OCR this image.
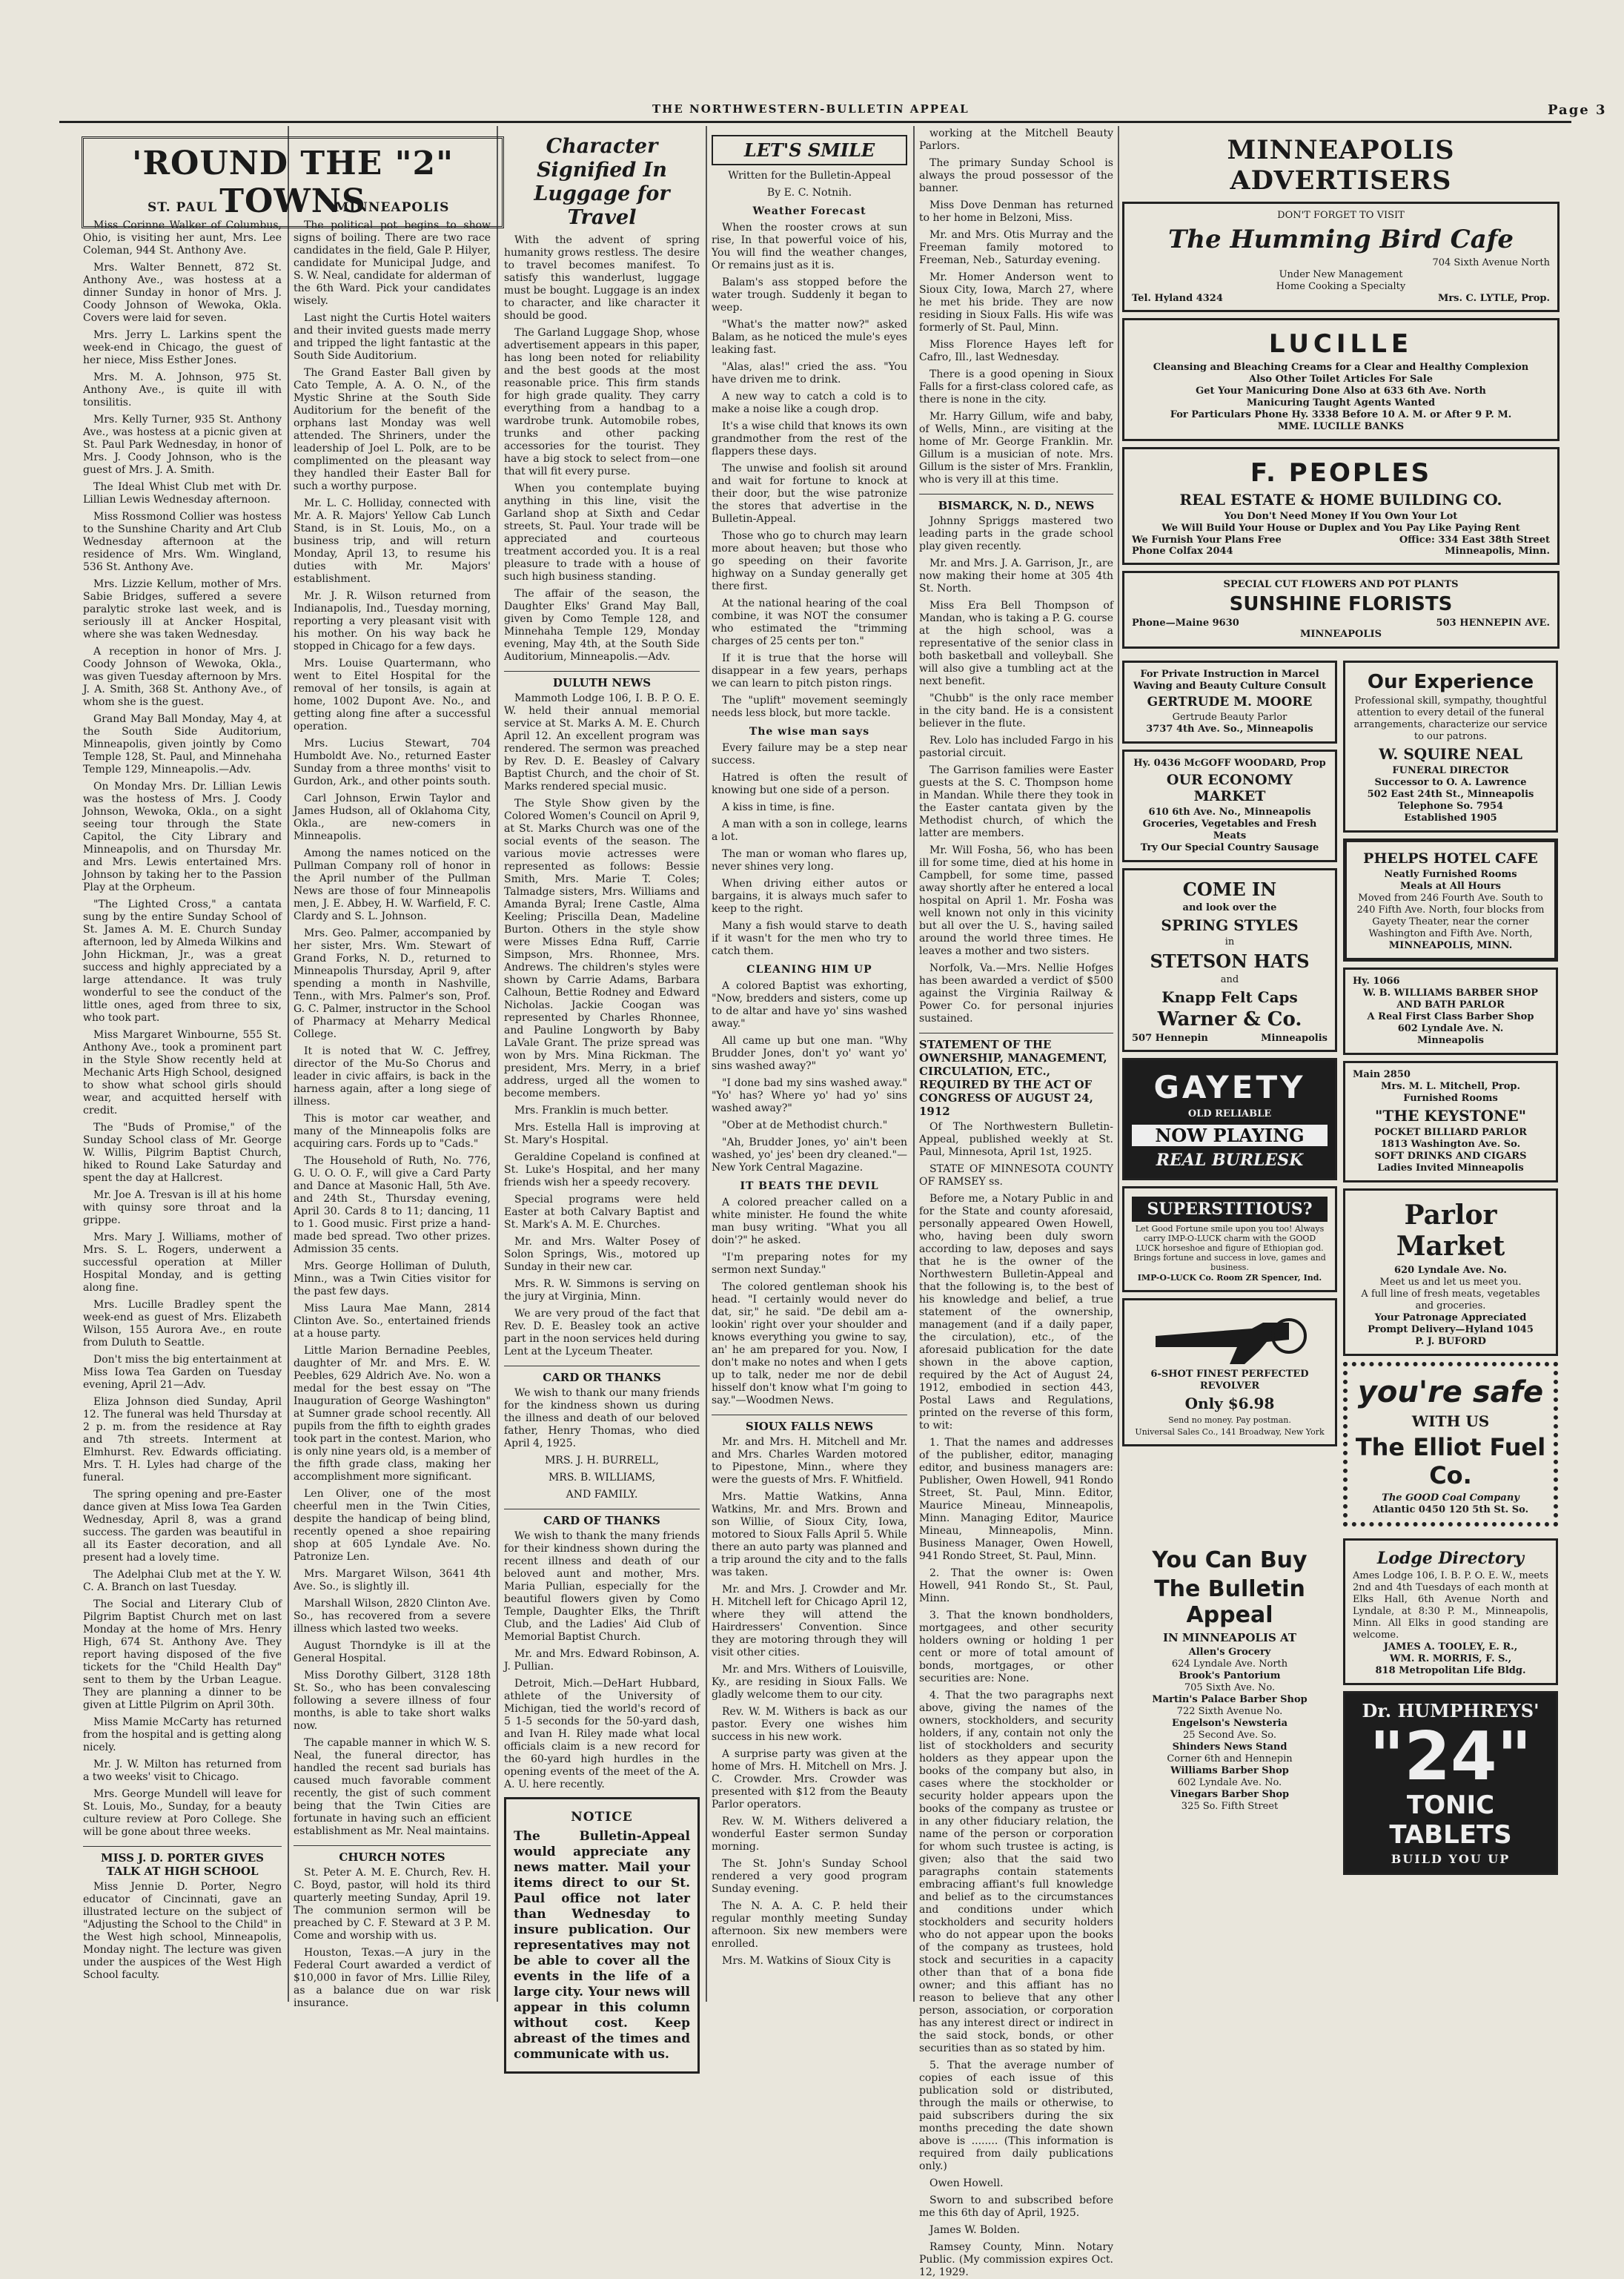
THE NORTHWESTERN-BULLETIN APPEAL	Page 3
'ROUND THE "2" TOWNS
ST. PAUL

Miss Corinne Walker of Columbus, Ohio, is visiting her aunt, Mrs. Lee Coleman, 944 St. Anthony Ave.

Mrs. Walter Bennett, 872 St. Anthony Ave., was hostess at a dinner Sunday in honor of Mrs. J. Coody Johnson of Wewoka, Okla. Covers were laid for seven.

Mrs. Jerry L. Larkins spent the week-end in Chicago, the guest of her niece, Miss Esther Jones.

Mrs. M. A. Johnson, 975 St. Anthony Ave., is quite ill with tonsilitis.

Mrs. Kelly Turner, 935 St. Anthony Ave., was hostess at a picnic given at St. Paul Park Wednesday, in honor of Mrs. J. Coody Johnson, who is the guest of Mrs. J. A. Smith.

The Ideal Whist Club met with Dr. Lillian Lewis Wednesday afternoon.

Miss Rossmond Collier was hostess to the Sunshine Charity and Art Club Wednesday afternoon at the residence of Mrs. Wm. Wingland, 536 St. Anthony Ave.

Mrs. Lizzie Kellum, mother of Mrs. Sabie Bridges, suffered a severe paralytic stroke last week, and is seriously ill at Ancker Hospital, where she was taken Wednesday.

A reception in honor of Mrs. J. Coody Johnson of Wewoka, Okla., was given Tuesday afternoon by Mrs. J. A. Smith, 368 St. Anthony Ave., of whom she is the guest.

Grand May Ball Monday, May 4, at the South Side Auditorium, Minneapolis, given jointly by Como Temple 128, St. Paul, and Minnehaha Temple 129, Minneapolis.—Adv.

On Monday Mrs. Dr. Lillian Lewis was the hostess of Mrs. J. Coody Johnson, Wewoka, Okla., on a sight seeing tour through the State Capitol, the City Library and Minneapolis, and on Thursday Mr. and Mrs. Lewis entertained Mrs. Johnson by taking her to the Passion Play at the Orpheum.

"The Lighted Cross," a cantata sung by the entire Sunday School of St. James A. M. E. Church Sunday afternoon, led by Almeda Wilkins and John Hickman, Jr., was a great success and highly appreciated by a large attendance. It was truly wonderful to see the conduct of the little ones, aged from three to six, who took part.

Miss Margaret Winbourne, 555 St. Anthony Ave., took a prominent part in the Style Show recently held at Mechanic Arts High School, designed to show what school girls should wear, and acquitted herself with credit.

The "Buds of Promise," of the Sunday School class of Mr. George W. Willis, Pilgrim Baptist Church, hiked to Round Lake Saturday and spent the day at Hallcrest.

Mr. Joe A. Tresvan is ill at his home with quinsy sore throat and la grippe.

Mrs. Mary J. Williams, mother of Mrs. S. L. Rogers, underwent a successful operation at Miller Hospital Monday, and is getting along fine.

Mrs. Lucille Bradley spent the week-end as guest of Mrs. Elizabeth Wilson, 155 Aurora Ave., en route from Duluth to Seattle.

Don't miss the big entertainment at Miss Iowa Tea Garden on Tuesday evening, April 21—Adv.

Eliza Johnson died Sunday, April 12. The funeral was held Thursday at 2 p. m. from the residence at Ray and 7th streets. Interment at Elmhurst. Rev. Edwards officiating. Mrs. T. H. Lyles had charge of the funeral.

The spring opening and pre-Easter dance given at Miss Iowa Tea Garden Wednesday, April 8, was a grand success. The garden was beautiful in all its Easter decoration, and all present had a lovely time.

The Adelphai Club met at the Y. W. C. A. Branch on last Tuesday.

The Social and Literary Club of Pilgrim Baptist Church met on last Monday at the home of Mrs. Henry High, 674 St. Anthony Ave. They report having disposed of the five tickets for the "Child Health Day" sent to them by the Urban League. They are planning a dinner to be given at Little Pilgrim on April 30th.

Miss Mamie McCarty has returned from the hospital and is getting along nicely.

Mr. J. W. Milton has returned from a two weeks' visit to Chicago.

Mrs. George Mundell will leave for St. Louis, Mo., Sunday, for a beauty culture review at Poro College. She will be gone about three weeks.

MISS J. D. PORTER GIVES TALK AT HIGH SCHOOL

Miss Jennie D. Porter, Negro educator of Cincinnati, gave an illustrated lecture on the subject of "Adjusting the School to the Child" in the West high school, Minneapolis, Monday night. The lecture was given under the auspices of the West High School faculty.

MINNEAPOLIS

The political pot begins to show signs of boiling. There are two race candidates in the field, Gale P. Hilyer, candidate for Municipal Judge, and S. W. Neal, candidate for alderman of the 6th Ward. Pick your candidates wisely.

Last night the Curtis Hotel waiters and their invited guests made merry and tripped the light fantastic at the South Side Auditorium.

The Grand Easter Ball given by Cato Temple, A. A. O. N., of the Mystic Shrine at the South Side Auditorium for the benefit of the orphans last Monday was well attended. The Shriners, under the leadership of Joel L. Polk, are to be complimented on the pleasant way they handled their Easter Ball for such a worthy purpose.

Mr. L. C. Holliday, connected with Mr. A. R. Majors' Yellow Cab Lunch Stand, is in St. Louis, Mo., on a business trip, and will return Monday, April 13, to resume his duties with Mr. Majors' establishment.

Mr. J. R. Wilson returned from Indianapolis, Ind., Tuesday morning, reporting a very pleasant visit with his mother. On his way back he stopped in Chicago for a few days.

Mrs. Louise Quartermann, who went to Eitel Hospital for the removal of her tonsils, is again at home, 1002 Dupont Ave. No., and getting along fine after a successful operation.

Mrs. Lucius Stewart, 704 Humboldt Ave. No., returned Easter Sunday from a three months' visit to Gurdon, Ark., and other points south.

Carl Johnson, Erwin Taylor and James Hudson, all of Oklahoma City, Okla., are new-comers in Minneapolis.

Among the names noticed on the Pullman Company roll of honor in the April number of the Pullman News are those of four Minneapolis men, J. E. Abbey, H. W. Warfield, F. C. Clardy and S. L. Johnson.

Mrs. Geo. Palmer, accompanied by her sister, Mrs. Wm. Stewart of Grand Forks, N. D., returned to Minneapolis Thursday, April 9, after spending a month in Nashville, Tenn., with Mrs. Palmer's son, Prof. G. C. Palmer, instructor in the School of Pharmacy at Meharry Medical College.

It is noted that W. C. Jeffrey, director of the Mu-So Chorus and leader in civic affairs, is back in the harness again, after a long siege of illness.

This is motor car weather, and many of the Minneapolis folks are acquiring cars. Fords up to "Cads."

The Household of Ruth, No. 776, G. U. O. O. F., will give a Card Party and Dance at Masonic Hall, 5th Ave. and 24th St., Thursday evening, April 30. Cards 8 to 11; dancing, 11 to 1. Good music. First prize a hand-made bed spread. Two other prizes. Admission 35 cents.

Mrs. George Holliman of Duluth, Minn., was a Twin Cities visitor for the past few days.

Miss Laura Mae Mann, 2814 Clinton Ave. So., entertained friends at a house party.

Little Marion Bernadine Peebles, daughter of Mr. and Mrs. E. W. Peebles, 629 Aldrich Ave. No. won a medal for the best essay on "The Inauguration of George Washington" at Sumner grade school recently. All pupils from the fifth to eighth grades took part in the contest. Marion, who is only nine years old, is a member of the fifth grade class, making her accomplishment more significant.

Len Oliver, one of the most cheerful men in the Twin Cities, despite the handicap of being blind, recently opened a shoe repairing shop at 605 Lyndale Ave. No. Patronize Len.

Mrs. Margaret Wilson, 3641 4th Ave. So., is slightly ill.

Marshall Wilson, 2820 Clinton Ave. So., has recovered from a severe illness which lasted two weeks.

August Thorndyke is ill at the General Hospital.

Miss Dorothy Gilbert, 3128 18th St. So., who has been convalescing following a severe illness of four months, is able to take short walks now.

The capable manner in which W. S. Neal, the funeral director, has handled the recent sad burials has caused much favorable comment recently, the gist of such comment being that the Twin Cities are fortunate in having such an efficient establishment as Mr. Neal maintains.

CHURCH NOTES

St. Peter A. M. E. Church, Rev. H. C. Boyd, pastor, will hold its third quarterly meeting Sunday, April 19. The communion sermon will be preached by C. F. Steward at 3 P. M. Come and worship with us.

Houston, Texas.—A jury in the Federal Court awarded a verdict of $10,000 in favor of Mrs. Lillie Riley, as a balance due on war risk insurance.

Character Signified In Luggage for Travel

With the advent of spring humanity grows restless. The desire to travel becomes manifest. To satisfy this wanderlust, luggage must be bought. Luggage is an index to character, and like character it should be good.

The Garland Luggage Shop, whose advertisement appears in this paper, has long been noted for reliability and the best goods at the most reasonable price. This firm stands for high grade quality. They carry everything from a handbag to a wardrobe trunk. Automobile robes, trunks and other packing accessories for the tourist. They have a big stock to select from—one that will fit every purse.

When you contemplate buying anything in this line, visit the Garland shop at Sixth and Cedar streets, St. Paul. Your trade will be appreciated and courteous treatment accorded you. It is a real pleasure to trade with a house of such high business standing.

The affair of the season, the Daughter Elks' Grand May Ball, given by Como Temple 128, and Minnehaha Temple 129, Monday evening, May 4th, at the South Side Auditorium, Minneapolis.—Adv.

DULUTH NEWS

Mammoth Lodge 106, I. B. P. O. E. W. held their annual memorial service at St. Marks A. M. E. Church April 12. An excellent program was rendered. The sermon was preached by Rev. D. E. Beasley of Calvary Baptist Church, and the choir of St. Marks rendered special music.

The Style Show given by the Colored Women's Council on April 9, at St. Marks Church was one of the social events of the season. The various movie actresses were represented as follows: Bessie Smith, Mrs. Marie T. Coles; Talmadge sisters, Mrs. Williams and Amanda Byral; Irene Castle, Alma Keeling; Priscilla Dean, Madeline Burton. Others in the style show were Misses Edna Ruff, Carrie Simpson, Mrs. Rhonnee, Mrs. Andrews. The children's styles were shown by Carrie Adams, Barbara Calhoun, Bettie Rodney and Edward Nicholas. Jackie Coogan was represented by Charles Rhonnee, and Pauline Longworth by Baby LaVale Grant. The prize spread was won by Mrs. Mina Rickman. The president, Mrs. Merry, in a brief address, urged all the women to become members.

Mrs. Franklin is much better.

Mrs. Estella Hall is improving at St. Mary's Hospital.

Geraldine Copeland is confined at St. Luke's Hospital, and her many friends wish her a speedy recovery.

Special programs were held Easter at both Calvary Baptist and St. Mark's A. M. E. Churches.

Mr. and Mrs. Walter Posey of Solon Springs, Wis., motored up Sunday in their new car.

Mrs. R. W. Simmons is serving on the jury at Virginia, Minn.

We are very proud of the fact that Rev. D. E. Beasley took an active part in the noon services held during Lent at the Lyceum Theater.

CARD OR THANKS

We wish to thank our many friends for the kindness shown us during the illness and death of our beloved father, Henry Thomas, who died April 4, 1925.

MRS. J. H. BURRELL,

MRS. B. WILLIAMS,

AND FAMILY.

CARD OF THANKS

We wish to thank the many friends for their kindness shown during the recent illness and death of our beloved aunt and mother, Mrs. Maria Pullian, especially for the beautiful flowers given by Como Temple, Daughter Elks, the Thrift Club, and the Ladies' Aid Club of Memorial Baptist Church.

Mr. and Mrs. Edward Robinson, A. J. Pullian.

Detroit, Mich.—DeHart Hubbard, athlete of the University of Michigan, tied the world's record of 5 1-5 seconds for the 50-yard dash, and Ivan H. Riley made what local officials claim is a new record for the 60-yard high hurdles in the opening events of the meet of the A. A. U. here recently.

NOTICE

The Bulletin-Appeal would appreciate any news matter. Mail your items direct to our St. Paul office not later than Wednesday to insure publication. Our representatives may not be able to cover all the events in the life of a large city. Your news will appear in this column without cost. Keep abreast of the times and communicate with us.

LET'S SMILE

Written for the Bulletin-Appeal

By E. C. Notnih.

Weather Forecast

When the rooster crows at sun rise, In that powerful voice of his, You will find the weather changes, Or remains just as it is.

Balam's ass stopped before the water trough. Suddenly it began to weep.

"What's the matter now?" asked Balam, as he noticed the mule's eyes leaking fast.

"Alas, alas!" cried the ass. "You have driven me to drink.

A new way to catch a cold is to make a noise like a cough drop.

It's a wise child that knows its own grandmother from the rest of the flappers these days.

The unwise and foolish sit around and wait for fortune to knock at their door, but the wise patronize the stores that advertise in the Bulletin-Appeal.

Those who go to church may learn more about heaven; but those who go speeding on their favorite highway on a Sunday generally get there first.

At the national hearing of the coal combine, it was NOT the consumer who estimated the "trimming charges of 25 cents per ton."

If it is true that the horse will disappear in a few years, perhaps we can learn to pitch piston rings.

The "uplift" movement seemingly needs less block, but more tackle.

The wise man says

Every failure may be a step near success.

Hatred is often the result of knowing but one side of a person.

A kiss in time, is fine.

A man with a son in college, learns a lot.

The man or woman who flares up, never shines very long.

When driving either autos or bargains, it is always much safer to keep to the right.

Many a fish would starve to death if it wasn't for the men who try to catch them.

CLEANING HIM UP

A colored Baptist was exhorting, "Now, bredders and sisters, come up to de altar and have yo' sins washed away."

All came up but one man. "Why Brudder Jones, don't yo' want yo' sins washed away?"

"I done bad my sins washed away." "Yo' has? Where yo' had yo' sins washed away?"

"Ober at de Methodist church."

"Ah, Brudder Jones, yo' ain't been washed, yo' jes' been dry cleaned."—New York Central Magazine.

IT BEATS THE DEVIL

A colored preacher called on a white minister. He found the white man busy writing. "What you all doin'?" he asked.

"I'm preparing notes for my sermon next Sunday."

The colored gentleman shook his head. "I certainly would never do dat, sir," he said. "De debil am a-lookin' right over your shoulder and knows everything you gwine to say, an' he am prepared for you. Now, I don't make no notes and when I gets up to talk, neder me nor de debil hisself don't know what I'm going to say."—Woodmen News.

SIOUX FALLS NEWS

Mr. and Mrs. H. Mitchell and Mr. and Mrs. Charles Warden motored to Pipestone, Minn., where they were the guests of Mrs. F. Whitfield.

Mrs. Mattie Watkins, Anna Watkins, Mr. and Mrs. Brown and son Willie, of Sioux City, Iowa, motored to Sioux Falls April 5. While there an auto party was planned and a trip around the city and to the falls was taken.

Mr. and Mrs. J. Crowder and Mr. H. Mitchell left for Chicago April 12, where they will attend the Hairdressers' Convention. Since they are motoring through they will visit other cities.

Mr. and Mrs. Withers of Louisville, Ky., are residing in Sioux Falls. We gladly welcome them to our city.

Rev. W. M. Withers is back as our pastor. Every one wishes him success in his new work.

A surprise party was given at the home of Mrs. H. Mitchell on Mrs. J. C. Crowder. Mrs. Crowder was presented with $12 from the Beauty Parlor operators.

Rev. W. M. Withers delivered a wonderful Easter sermon Sunday morning.

The St. John's Sunday School rendered a very good program Sunday evening.

The N. A. A. C. P. held their regular monthly meeting Sunday afternoon. Six new members were enrolled.

Mrs. M. Watkins of Sioux City is

working at the Mitchell Beauty Parlors.

The primary Sunday School is always the proud possessor of the banner.

Miss Dove Denman has returned to her home in Belzoni, Miss.

Mr. and Mrs. Otis Murray and the Freeman family motored to Freeman, Neb., Saturday evening.

Mr. Homer Anderson went to Sioux City, Iowa, March 27, where he met his bride. They are now residing in Sioux Falls. His wife was formerly of St. Paul, Minn.

Miss Florence Hayes left for Cafro, Ill., last Wednesday.

There is a good opening in Sioux Falls for a first-class colored cafe, as there is none in the city.

Mr. Harry Gillum, wife and baby, of Wells, Minn., are visiting at the home of Mr. George Franklin. Mr. Gillum is a musician of note. Mrs. Gillum is the sister of Mrs. Franklin, who is very ill at this time.

BISMARCK, N. D., NEWS

Johnny Spriggs mastered two leading parts in the grade school play given recently.

Mr. and Mrs. J. A. Garrison, Jr., are now making their home at 305 4th St. North.

Miss Era Bell Thompson of Mandan, who is taking a P. G. course at the high school, was a representative of the senior class in both basketball and volleyball. She will also give a tumbling act at the next benefit.

"Chubb" is the only race member in the city band. He is a consistent believer in the flute.

Rev. Lolo has included Fargo in his pastorial circuit.

The Garrison families were Easter guests at the S. C. Thompson home in Mandan. While there they took in the Easter cantata given by the Methodist church, of which the latter are members.

Mr. Will Fosha, 56, who has been ill for some time, died at his home in Campbell, for some time, passed away shortly after he entered a local hospital on April 1. Mr. Fosha was well known not only in this vicinity but all over the U. S., having sailed around the world three times. He leaves a mother and two sisters.

Norfolk, Va.—Mrs. Nellie Hofges has been awarded a verdict of $500 against the Virginia Railway & Power Co. for personal injuries sustained.

STATEMENT OF THE OWNERSHIP, MANAGEMENT, CIRCULATION, ETC., REQUIRED BY THE ACT OF CONGRESS OF AUGUST 24, 1912

Of The Northwestern Bulletin-Appeal, published weekly at St. Paul, Minnesota, April 1st, 1925.

STATE OF MINNESOTA COUNTY OF RAMSEY ss.

Before me, a Notary Public in and for the State and county aforesaid, personally appeared Owen Howell, who, having been duly sworn according to law, deposes and says that he is the owner of the Northwestern Bulletin-Appeal and that the following is, to the best of his knowledge and belief, a true statement of the ownership, management (and if a daily paper, the circulation), etc., of the aforesaid publication for the date shown in the above caption, required by the Act of August 24, 1912, embodied in section 443, Postal Laws and Regulations, printed on the reverse of this form, to wit:

1. That the names and addresses of the publisher, editor, managing editor, and business managers are: Publisher, Owen Howell, 941 Rondo Street, St. Paul, Minn. Editor, Maurice Mineau, Minneapolis, Minn. Managing Editor, Maurice Mineau, Minneapolis, Minn. Business Manager, Owen Howell, 941 Rondo Street, St. Paul, Minn.

2. That the owner is: Owen Howell, 941 Rondo St., St. Paul, Minn.

3. That the known bondholders, mortgagees, and other security holders owning or holding 1 per cent or more of total amount of bonds, mortgages, or other securities are: None.

4. That the two paragraphs next above, giving the names of the owners, stockholders, and security holders, if any, contain not only the list of stockholders and security holders as they appear upon the books of the company but also, in cases where the stockholder or security holder appears upon the books of the company as trustee or in any other fiduciary relation, the name of the person or corporation for whom such trustee is acting, is given; also that the said two paragraphs contain statements embracing affiant's full knowledge and belief as to the circumstances and conditions under which stockholders and security holders who do not appear upon the books of the company as trustees, hold stock and securities in a capacity other than that of a bona fide owner; and this affiant has no reason to believe that any other person, association, or corporation has any interest direct or indirect in the said stock, bonds, or other securities than as so stated by him.

5. That the average number of copies of each issue of this publication sold or distributed, through the mails or otherwise, to paid subscribers during the six months preceding the date shown above is ........ (This information is required from daily publications only.)

Owen Howell.

Sworn to and subscribed before me this 6th day of April, 1925.

James W. Bolden.

Ramsey County, Minn. Notary Public. (My commission expires Oct. 12, 1929.

MINNEAPOLIS ADVERTISERS

DON'T FORGET TO VISIT

The Humming Bird Cafe

704 Sixth Avenue North

Under New Management

Home Cooking a Specialty

Tel. Hyland 4324	Mrs. C. LYTLE, Prop.
LUCILLE

Cleansing and Bleaching Creams for a Clear and Healthy Complexion

Also Other Toilet Articles For Sale

Get Your Manicuring Done Also at 633 6th Ave. North

Manicuring Taught Agents Wanted

For Particulars Phone Hy. 3338 Before 10 A. M. or After 9 P. M.

MME. LUCILLE BANKS

F. PEOPLES
REAL ESTATE & HOME BUILDING CO.

You Don't Need Money If You Own Your Lot

We Will Build Your House or Duplex and You Pay Like Paying Rent

We Furnish Your Plans Free	Office: 334 East 38th Street
Phone Colfax 2044	Minneapolis, Minn.

SPECIAL CUT FLOWERS AND POT PLANTS

SUNSHINE FLORISTS
Phone—Maine 9630	503 HENNEPIN AVE.

MINNEAPOLIS

For Private Instruction in Marcel Waving and Beauty Culture Consult

GERTRUDE M. MOORE

Gertrude Beauty Parlor

3737 4th Ave. So., Minneapolis

Hy. 0436 McGOFF WOODARD, Prop

OUR ECONOMY MARKET

610 6th Ave. No., Minneapolis

Groceries, Vegetables and Fresh Meats

Try Our Special Country Sausage

COME IN

and look over the

SPRING STYLES

in

STETSON HATS

and

Knapp Felt Caps
Warner & Co.
507 Hennepin	Minneapolis
GAYETY

OLD RELIABLE

NOW PLAYING
REAL BURLESK
SUPERSTITIOUS?

Let Good Fortune smile upon you too! Always carry IMP-O-LUCK charm with the GOOD LUCK horseshoe and figure of Ethiopian god. Brings fortune and success in love, games and business.

IMP-O-LUCK Co. Room ZR Spencer, Ind.

6-SHOT FINEST PERFECTED REVOLVER

Only $6.98

Send no money. Pay postman.

Universal Sales Co., 141 Broadway, New York

Our Experience

Professional skill, sympathy, thoughtful attention to every detail of the funeral arrangements, characterize our service to our patrons.

W. SQUIRE NEAL

FUNERAL DIRECTOR

Successor to O. A. Lawrence

502 East 24th St., Minneapolis

Telephone So. 7954

Established 1905

PHELPS HOTEL CAFE

Neatly Furnished Rooms

Meals at All Hours

Moved from 246 Fourth Ave. South to 240 Fifth Ave. North, four blocks from Gayety Theater, near the corner Washington and Fifth Ave. North,

MINNEAPOLIS, MINN.

Hy. 1066

W. B. WILLIAMS BARBER SHOP AND BATH PARLOR

A Real First Class Barber Shop

602 Lyndale Ave. N.

Minneapolis

Main 2850

Mrs. M. L. Mitchell, Prop.

Furnished Rooms

"THE KEYSTONE"

POCKET BILLIARD PARLOR

1813 Washington Ave. So.

SOFT DRINKS AND CIGARS

Ladies Invited Minneapolis

Parlor Market

620 Lyndale Ave. No.

Meet us and let us meet you.

A full line of fresh meats, vegetables and groceries.

Your Patronage Appreciated

Prompt Delivery—Hyland 1045

P. J. BUFORD

you're safe
WITH US
The Elliot Fuel Co.

The GOOD Coal Company

Atlantic 0450 120 5th St. So.

You Can Buy
The Bulletin Appeal
IN MINNEAPOLIS AT

Allen's Grocery

624 Lyndale Ave. North

Brook's Pantorium

705 Sixth Ave. No.

Martin's Palace Barber Shop

722 Sixth Avenue No.

Engelson's Newsteria

25 Second Ave. So.

Shinders News Stand

Corner 6th and Hennepin

Williams Barber Shop

602 Lyndale Ave. No.

Vinegars Barber Shop

325 So. Fifth Street

Lodge Directory

Ames Lodge 106, I. B. P. O. E. W., meets 2nd and 4th Tuesdays of each month at Elks Hall, 6th Avenue North and Lyndale, at 8:30 P. M., Minneapolis, Minn. All Elks in good standing are welcome.

JAMES A. TOOLEY, E. R.,

WM. R. MORRIS, F. S.,

818 Metropolitan Life Bldg.

Dr. HUMPHREYS'
"24"
TONIC
TABLETS
BUILD YOU UP
